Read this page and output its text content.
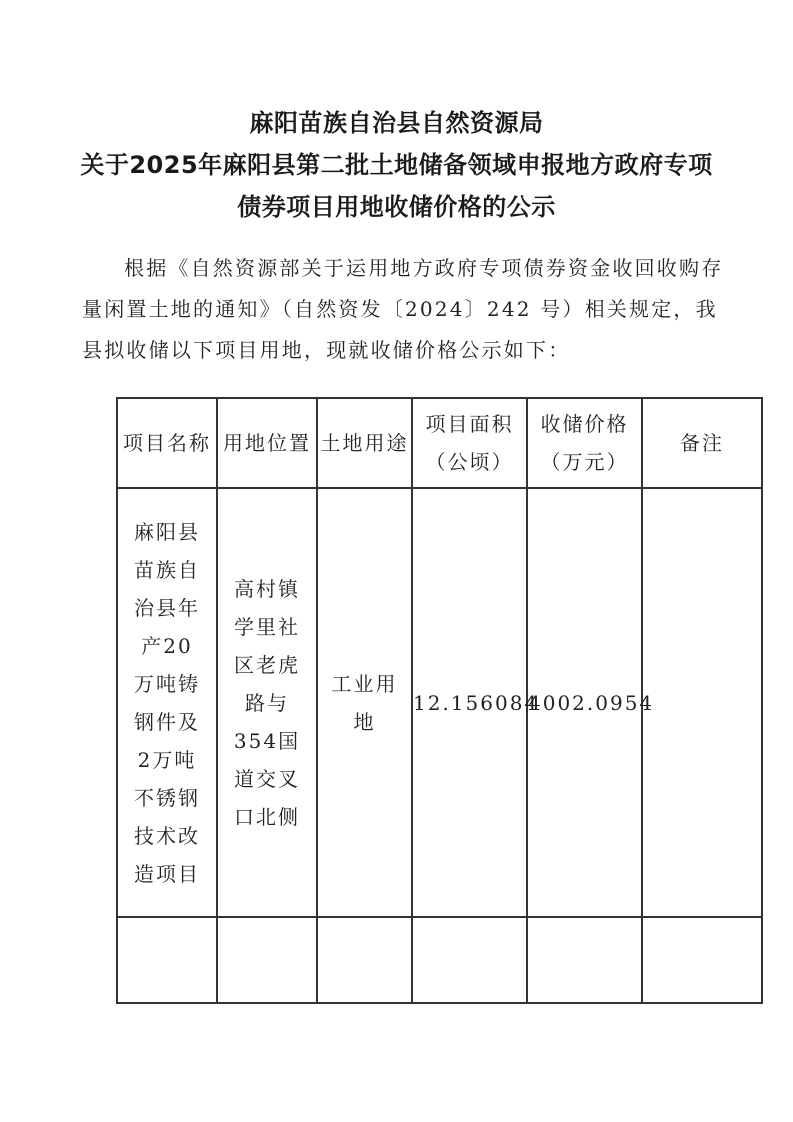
麻阳苗族自治县自然资源局
关于2025年麻阳县第二批土地储备领域申报地方政府专项
债券项目用地收储价格的公示

根据《自然资源部关于运用地方政府专项债券资金收回收购存量闲置土地的通知》（自然资发〔2024〕242 号）相关规定，我县拟收储以下项目用地，现就收储价格公示如下：

项目名称	用地位置	土地用途	项目面积（公顷）	收储价格（万元）	备注

麻阳县苗族自治县年产20万吨铸钢件及2万吨不锈钢技术改造项目	高村镇学里社区老虎路与354国道交叉口北侧	工业用地	12.156084	4002.0954	
